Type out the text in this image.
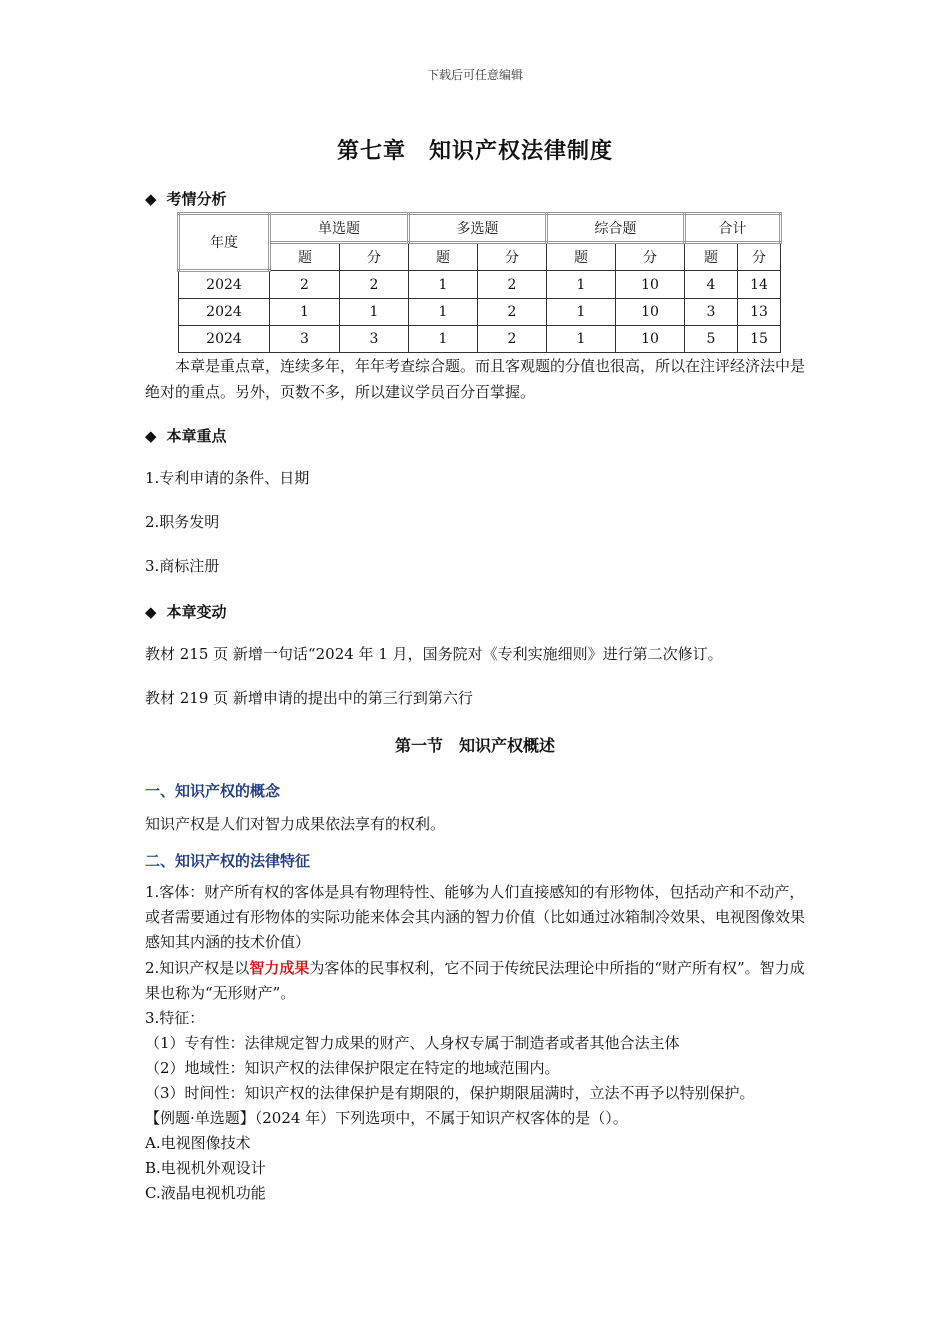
下载后可任意编辑
第七章　知识产权法律制度
◆ 考情分析
年度	单选题		多选题		综合题		合计	
	题	分	题	分	题	分	题	分
2024	2	2	1	2	1	10	4	14
2024	1	1	1	2	1	10	3	13
2024	3	3	1	2	1	10	5	15
本章是重点章，连续多年，年年考查综合题。而且客观题的分值也很高，所以在注评经济法中是绝对的重点。另外，页数不多，所以建议学员百分百掌握。
◆ 本章重点
1.专利申请的条件、日期
2.职务发明
3.商标注册
◆ 本章变动
教材 215 页 新增一句话“2024 年 1 月，国务院对《专利实施细则》进行第二次修订。
教材 219 页 新增申请的提出中的第三行到第六行
第一节　知识产权概述
一、知识产权的概念
知识产权是人们对智力成果依法享有的权利。
二、知识产权的法律特征
1.客体：财产所有权的客体是具有物理特性、能够为人们直接感知的有形物体，包括动产和不动产，或者需要通过有形物体的实际功能来体会其内涵的智力价值（比如通过冰箱制冷效果、电视图像效果感知其内涵的技术价值）
2.知识产权是以智力成果为客体的民事权利，它不同于传统民法理论中所指的“财产所有权”。智力成果也称为“无形财产”。
3.特征：
（1）专有性：法律规定智力成果的财产、人身权专属于制造者或者其他合法主体
（2）地域性：知识产权的法律保护限定在特定的地域范围内。
（3）时间性：知识产权的法律保护是有期限的，保护期限届满时，立法不再予以特别保护。
【例题·单选题】（2024 年）下列选项中，不属于知识产权客体的是（）。
A.电视图像技术
B.电视机外观设计
C.液晶电视机功能
